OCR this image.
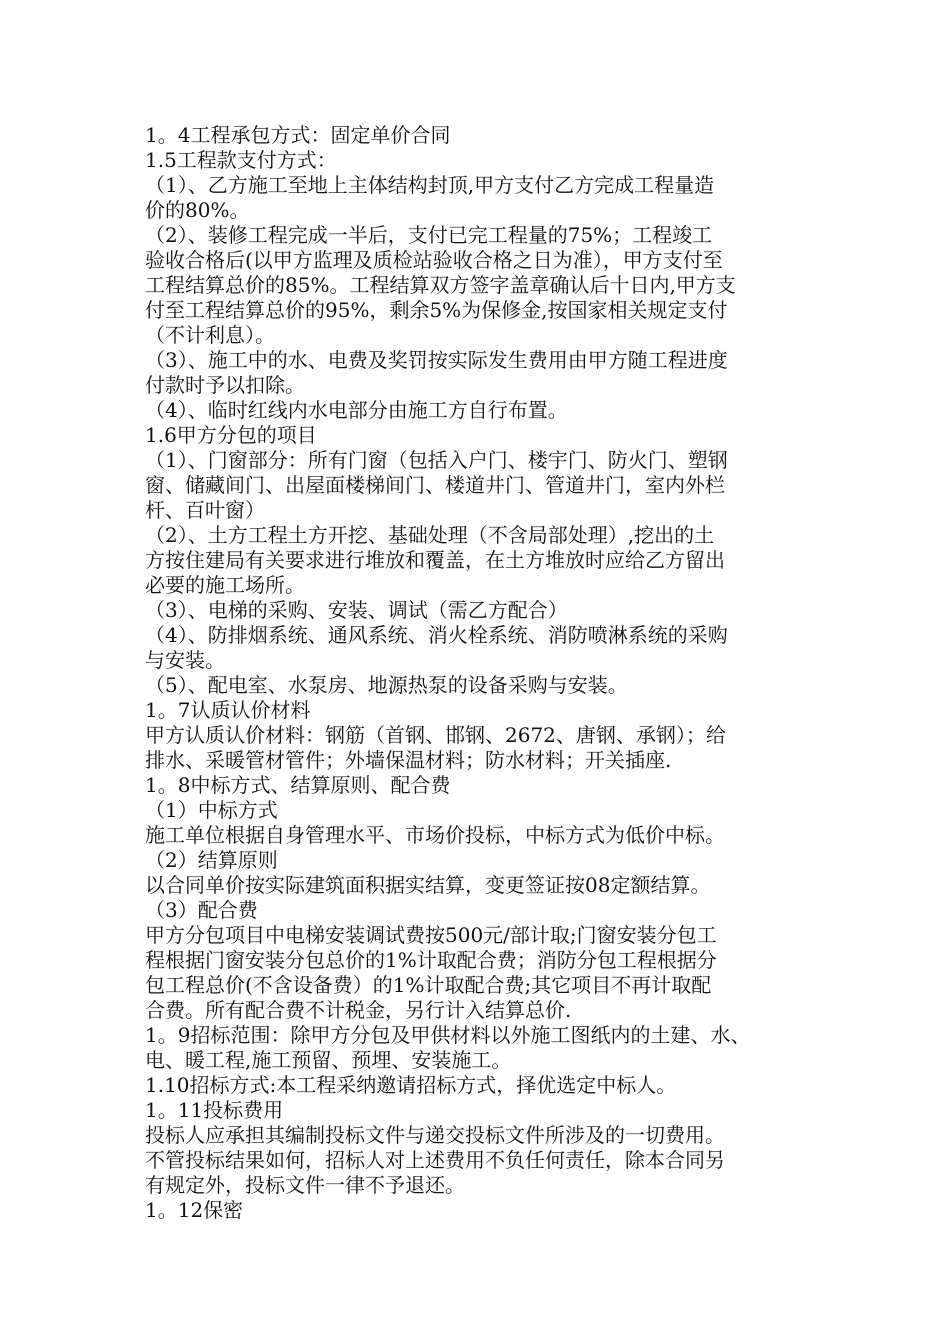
1。4工程承包方式：固定单价合同

1.5工程款支付方式：

（1）、乙方施工至地上主体结构封顶,甲方支付乙方完成工程量造

价的80%。

（2）、装修工程完成一半后，支付已完工程量的75%；工程竣工

验收合格后(以甲方监理及质检站验收合格之日为准），甲方支付至

工程结算总价的85%。工程结算双方签字盖章确认后十日内,甲方支

付至工程结算总价的95%，剩余5%为保修金,按国家相关规定支付

（不计利息）。

（3）、施工中的水、电费及奖罚按实际发生费用由甲方随工程进度

付款时予以扣除。

（4）、临时红线内水电部分由施工方自行布置。

1.6甲方分包的项目

（1）、门窗部分：所有门窗（包括入户门、楼宇门、防火门、塑钢

窗、储藏间门、出屋面楼梯间门、楼道井门、管道井门，室内外栏

杆、百叶窗）

（2）、土方工程土方开挖、基础处理（不含局部处理）,挖出的土

方按住建局有关要求进行堆放和覆盖，在土方堆放时应给乙方留出

必要的施工场所。

（3）、电梯的采购、安装、调试（需乙方配合）

（4）、防排烟系统、通风系统、消火栓系统、消防喷淋系统的采购

与安装。

（5）、配电室、水泵房、地源热泵的设备采购与安装。

1。7认质认价材料

甲方认质认价材料：钢筋（首钢、邯钢、2672、唐钢、承钢）；给

排水、采暖管材管件；外墙保温材料；防水材料；开关插座.

1。8中标方式、结算原则、配合费

（1）中标方式

施工单位根据自身管理水平、市场价投标，中标方式为低价中标。

（2）结算原则

以合同单价按实际建筑面积据实结算，变更签证按08定额结算。

（3）配合费

甲方分包项目中电梯安装调试费按500元/部计取;门窗安装分包工

程根据门窗安装分包总价的1%计取配合费；消防分包工程根据分

包工程总价(不含设备费）的1%计取配合费;其它项目不再计取配

合费。所有配合费不计税金，另行计入结算总价.

1。9招标范围：除甲方分包及甲供材料以外施工图纸内的土建、水、

电、暖工程,施工预留、预埋、安装施工。

1.10招标方式:本工程采纳邀请招标方式，择优选定中标人。

1。11投标费用

投标人应承担其编制投标文件与递交投标文件所涉及的一切费用。

不管投标结果如何，招标人对上述费用不负任何责任，除本合同另

有规定外，投标文件一律不予退还。

1。12保密
